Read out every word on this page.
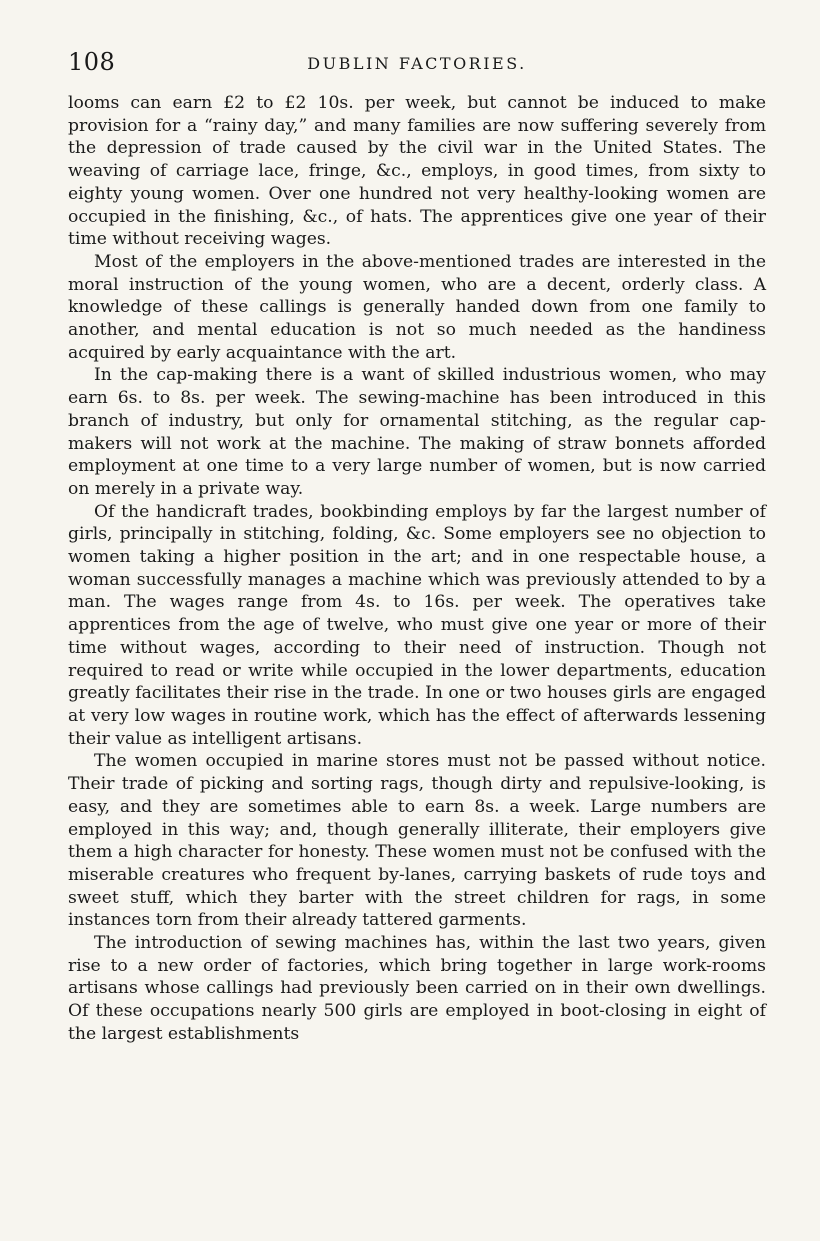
108	DUBLIN FACTORIES.

looms can earn £2 to £2 10s. per week, but cannot be induced to make provision for a “rainy day,” and many families are now suffering severely from the depression of trade caused by the civil war in the United States. The weaving of carriage lace, fringe, &c., employs, in good times, from sixty to eighty young women. Over one hundred not very healthy-looking women are occupied in the finishing, &c., of hats. The apprentices give one year of their time without receiving wages.

Most of the employers in the above-mentioned trades are interested in the moral instruction of the young women, who are a decent, orderly class. A knowledge of these callings is generally handed down from one family to another, and mental education is not so much needed as the handiness acquired by early acquaintance with the art.

In the cap-making there is a want of skilled industrious women, who may earn 6s. to 8s. per week. The sewing-machine has been introduced in this branch of industry, but only for ornamental stitching, as the regular cap-makers will not work at the machine. The making of straw bonnets afforded employment at one time to a very large number of women, but is now carried on merely in a private way.

Of the handicraft trades, bookbinding employs by far the largest number of girls, principally in stitching, folding, &c. Some employers see no objection to women taking a higher position in the art; and in one respectable house, a woman successfully manages a machine which was previously attended to by a man. The wages range from 4s. to 16s. per week. The operatives take apprentices from the age of twelve, who must give one year or more of their time without wages, according to their need of instruction. Though not required to read or write while occupied in the lower departments, education greatly facilitates their rise in the trade. In one or two houses girls are engaged at very low wages in routine work, which has the effect of afterwards lessening their value as intelligent artisans.

The women occupied in marine stores must not be passed without notice. Their trade of picking and sorting rags, though dirty and repulsive-looking, is easy, and they are sometimes able to earn 8s. a week. Large numbers are employed in this way; and, though generally illiterate, their employers give them a high character for honesty. These women must not be confused with the miserable creatures who frequent by-lanes, carrying baskets of rude toys and sweet stuff, which they barter with the street children for rags, in some instances torn from their already tattered garments.

The introduction of sewing machines has, within the last two years, given rise to a new order of factories, which bring together in large work-rooms artisans whose callings had previously been carried on in their own dwellings. Of these occupations nearly 500 girls are employed in boot-closing in eight of the largest establishments
